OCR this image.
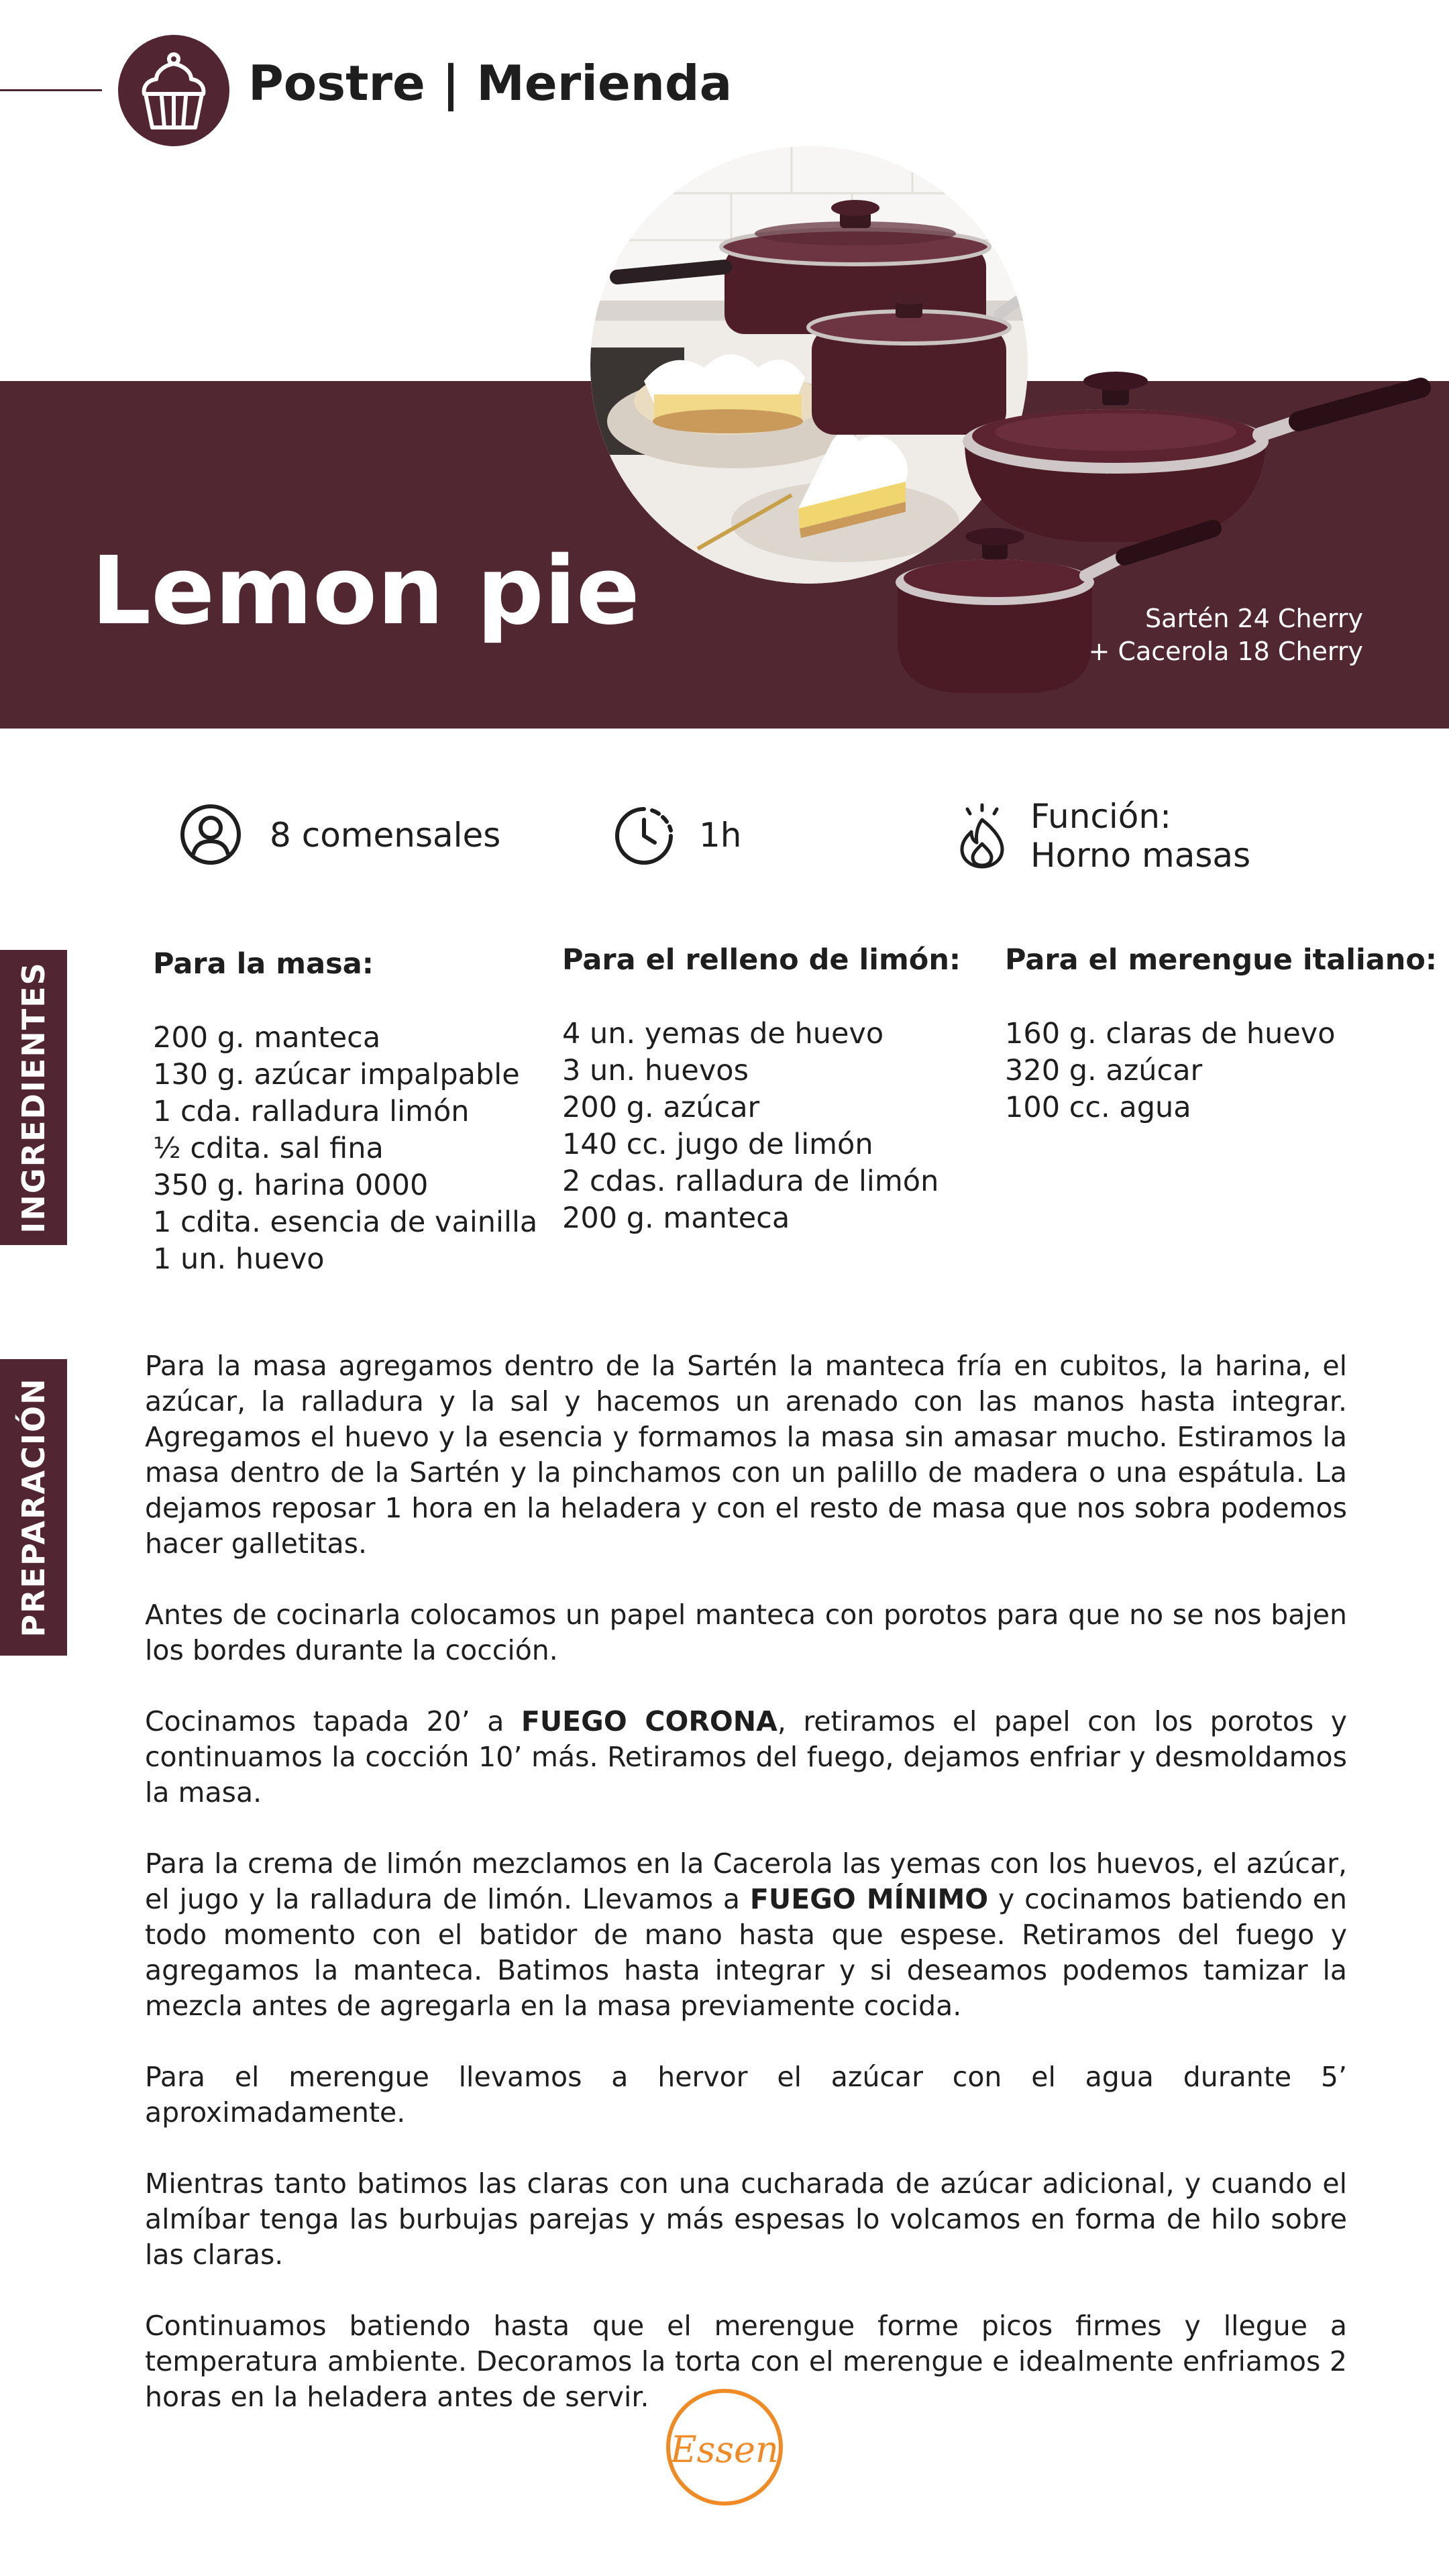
Postre | Merienda
Lemon pie	Sartén 24 Cherry
+ Cacerola 18 Cherry
8 comensales	1h	Función:
Horno masas
INGREDIENTES	Para la masa:
200 g. manteca
130 g. azúcar impalpable
1 cda. ralladura limón
½ cdita. sal fina
350 g. harina 0000
1 cdita. esencia de vainilla
1 un. huevo
Para el relleno de limón:
4 un. yemas de huevo
3 un. huevos
200 g. azúcar
140 cc. jugo de limón
2 cdas. ralladura de limón
200 g. manteca
Para el merengue italiano:
160 g. claras de huevo
320 g. azúcar
100 cc. agua
PREPARACIÓN

Para la masa agregamos dentro de la Sartén la manteca fría en cubitos, la harina, el azúcar, la ralladura y la sal y hacemos un arenado con las manos hasta integrar. Agregamos el huevo y la esencia y formamos la masa sin amasar mucho. Estiramos la masa dentro de la Sartén y la pinchamos con un palillo de madera o una espátula. La dejamos reposar 1 hora en la heladera y con el resto de masa que nos sobra podemos hacer galletitas.

Antes de cocinarla colocamos un papel manteca con porotos para que no se nos bajen los bordes durante la cocción.

Cocinamos tapada 20’ a FUEGO CORONA, retiramos el papel con los porotos y continuamos la cocción 10’ más. Retiramos del fuego, dejamos enfriar y desmoldamos la masa.

Para la crema de limón mezclamos en la Cacerola las yemas con los huevos, el azúcar, el jugo y la ralladura de limón. Llevamos a FUEGO MÍNIMO y cocinamos batiendo en todo momento con el batidor de mano hasta que espese. Retiramos del fuego y agregamos la manteca. Batimos hasta integrar y si deseamos podemos tamizar la mezcla antes de agregarla en la masa previamente cocida.

Para el merengue llevamos a hervor el azúcar con el agua durante 5’ aproximadamente.

Mientras tanto batimos las claras con una cucharada de azúcar adicional, y cuando el almíbar tenga las burbujas parejas y más espesas lo volcamos en forma de hilo sobre las claras.

Continuamos batiendo hasta que el merengue forme picos firmes y llegue a temperatura ambiente. Decoramos la torta con el merengue e idealmente enfriamos 2 horas en la heladera antes de servir.

Essen
